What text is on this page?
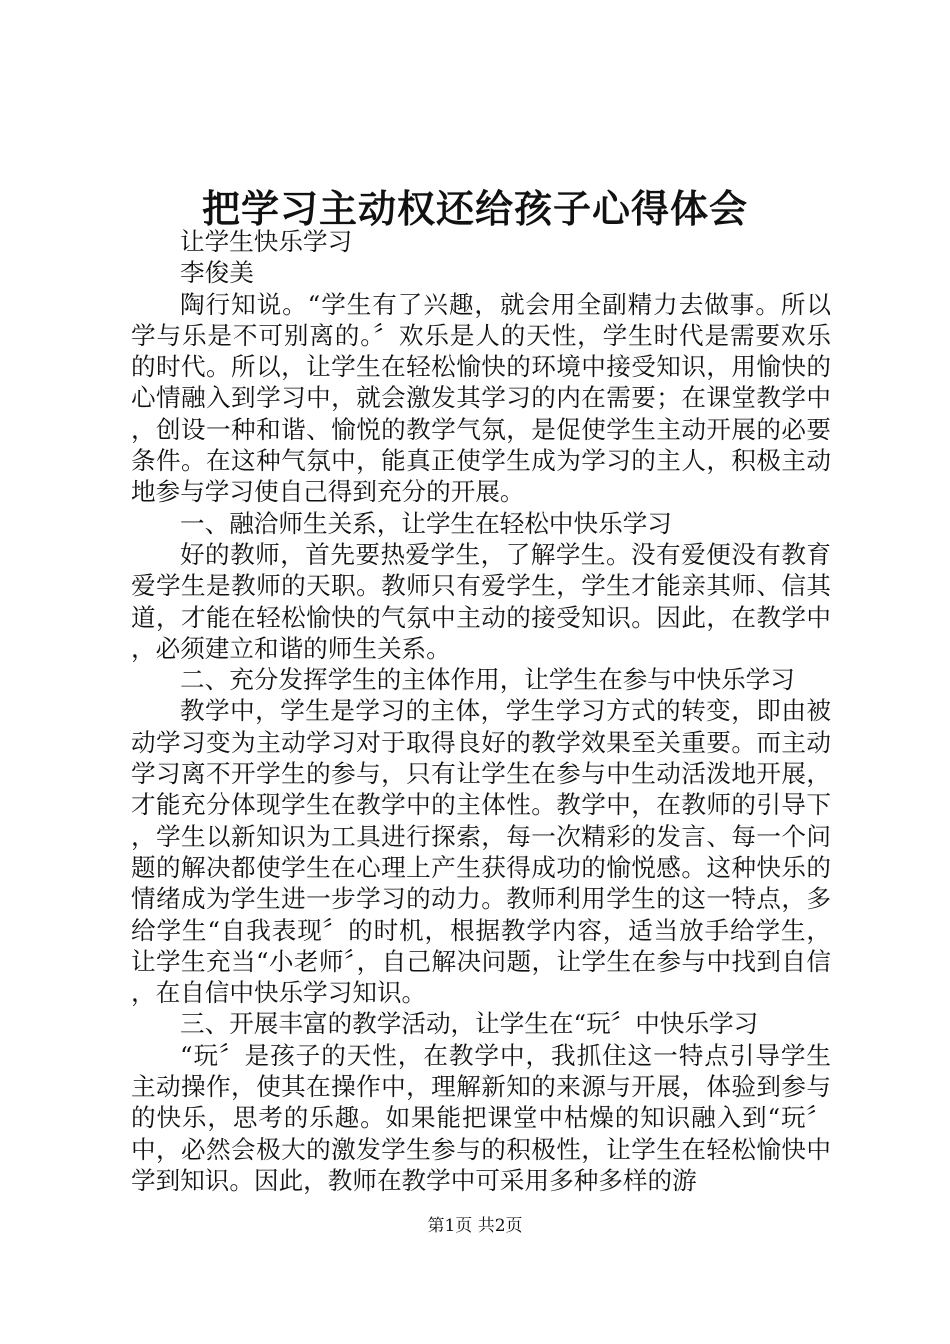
把学习主动权还给孩子心得体会

让学生快乐学习

李俊美

陶行知说。“学生有了兴趣，就会用全副精力去做事。所以学与乐是不可别离的。〞欢乐是人的天性，学生时代是需要欢乐的时代。所以，让学生在轻松愉快的环境中接受知识，用愉快的心情融入到学习中，就会激发其学习的内在需要；在课堂教学中，创设一种和谐、愉悦的教学气氛，是促使学生主动开展的必要条件。在这种气氛中，能真正使学生成为学习的主人，积极主动地参与学习使自己得到充分的开展。

一、融洽师生关系，让学生在轻松中快乐学习

好的教师，首先要热爱学生，了解学生。没有爱便没有教育爱学生是教师的天职。教师只有爱学生，学生才能亲其师、信其道，才能在轻松愉快的气氛中主动的接受知识。因此，在教学中，必须建立和谐的师生关系。

二、充分发挥学生的主体作用，让学生在参与中快乐学习

教学中，学生是学习的主体，学生学习方式的转变，即由被动学习变为主动学习对于取得良好的教学效果至关重要。而主动学习离不开学生的参与，只有让学生在参与中生动活泼地开展，才能充分体现学生在教学中的主体性。教学中，在教师的引导下，学生以新知识为工具进行探索，每一次精彩的发言、每一个问题的解决都使学生在心理上产生获得成功的愉悦感。这种快乐的情绪成为学生进一步学习的动力。教师利用学生的这一特点，多给学生“自我表现〞的时机，根据教学内容，适当放手给学生，让学生充当“小老师〞，自己解决问题，让学生在参与中找到自信，在自信中快乐学习知识。

三、开展丰富的教学活动，让学生在“玩〞中快乐学习

“玩〞是孩子的天性，在教学中，我抓住这一特点引导学生主动操作，使其在操作中，理解新知的来源与开展，体验到参与的快乐，思考的乐趣。如果能把课堂中枯燥的知识融入到“玩〞中，必然会极大的激发学生参与的积极性，让学生在轻松愉快中学到知识。因此，教师在教学中可采用多种多样的游

第1页 共2页
